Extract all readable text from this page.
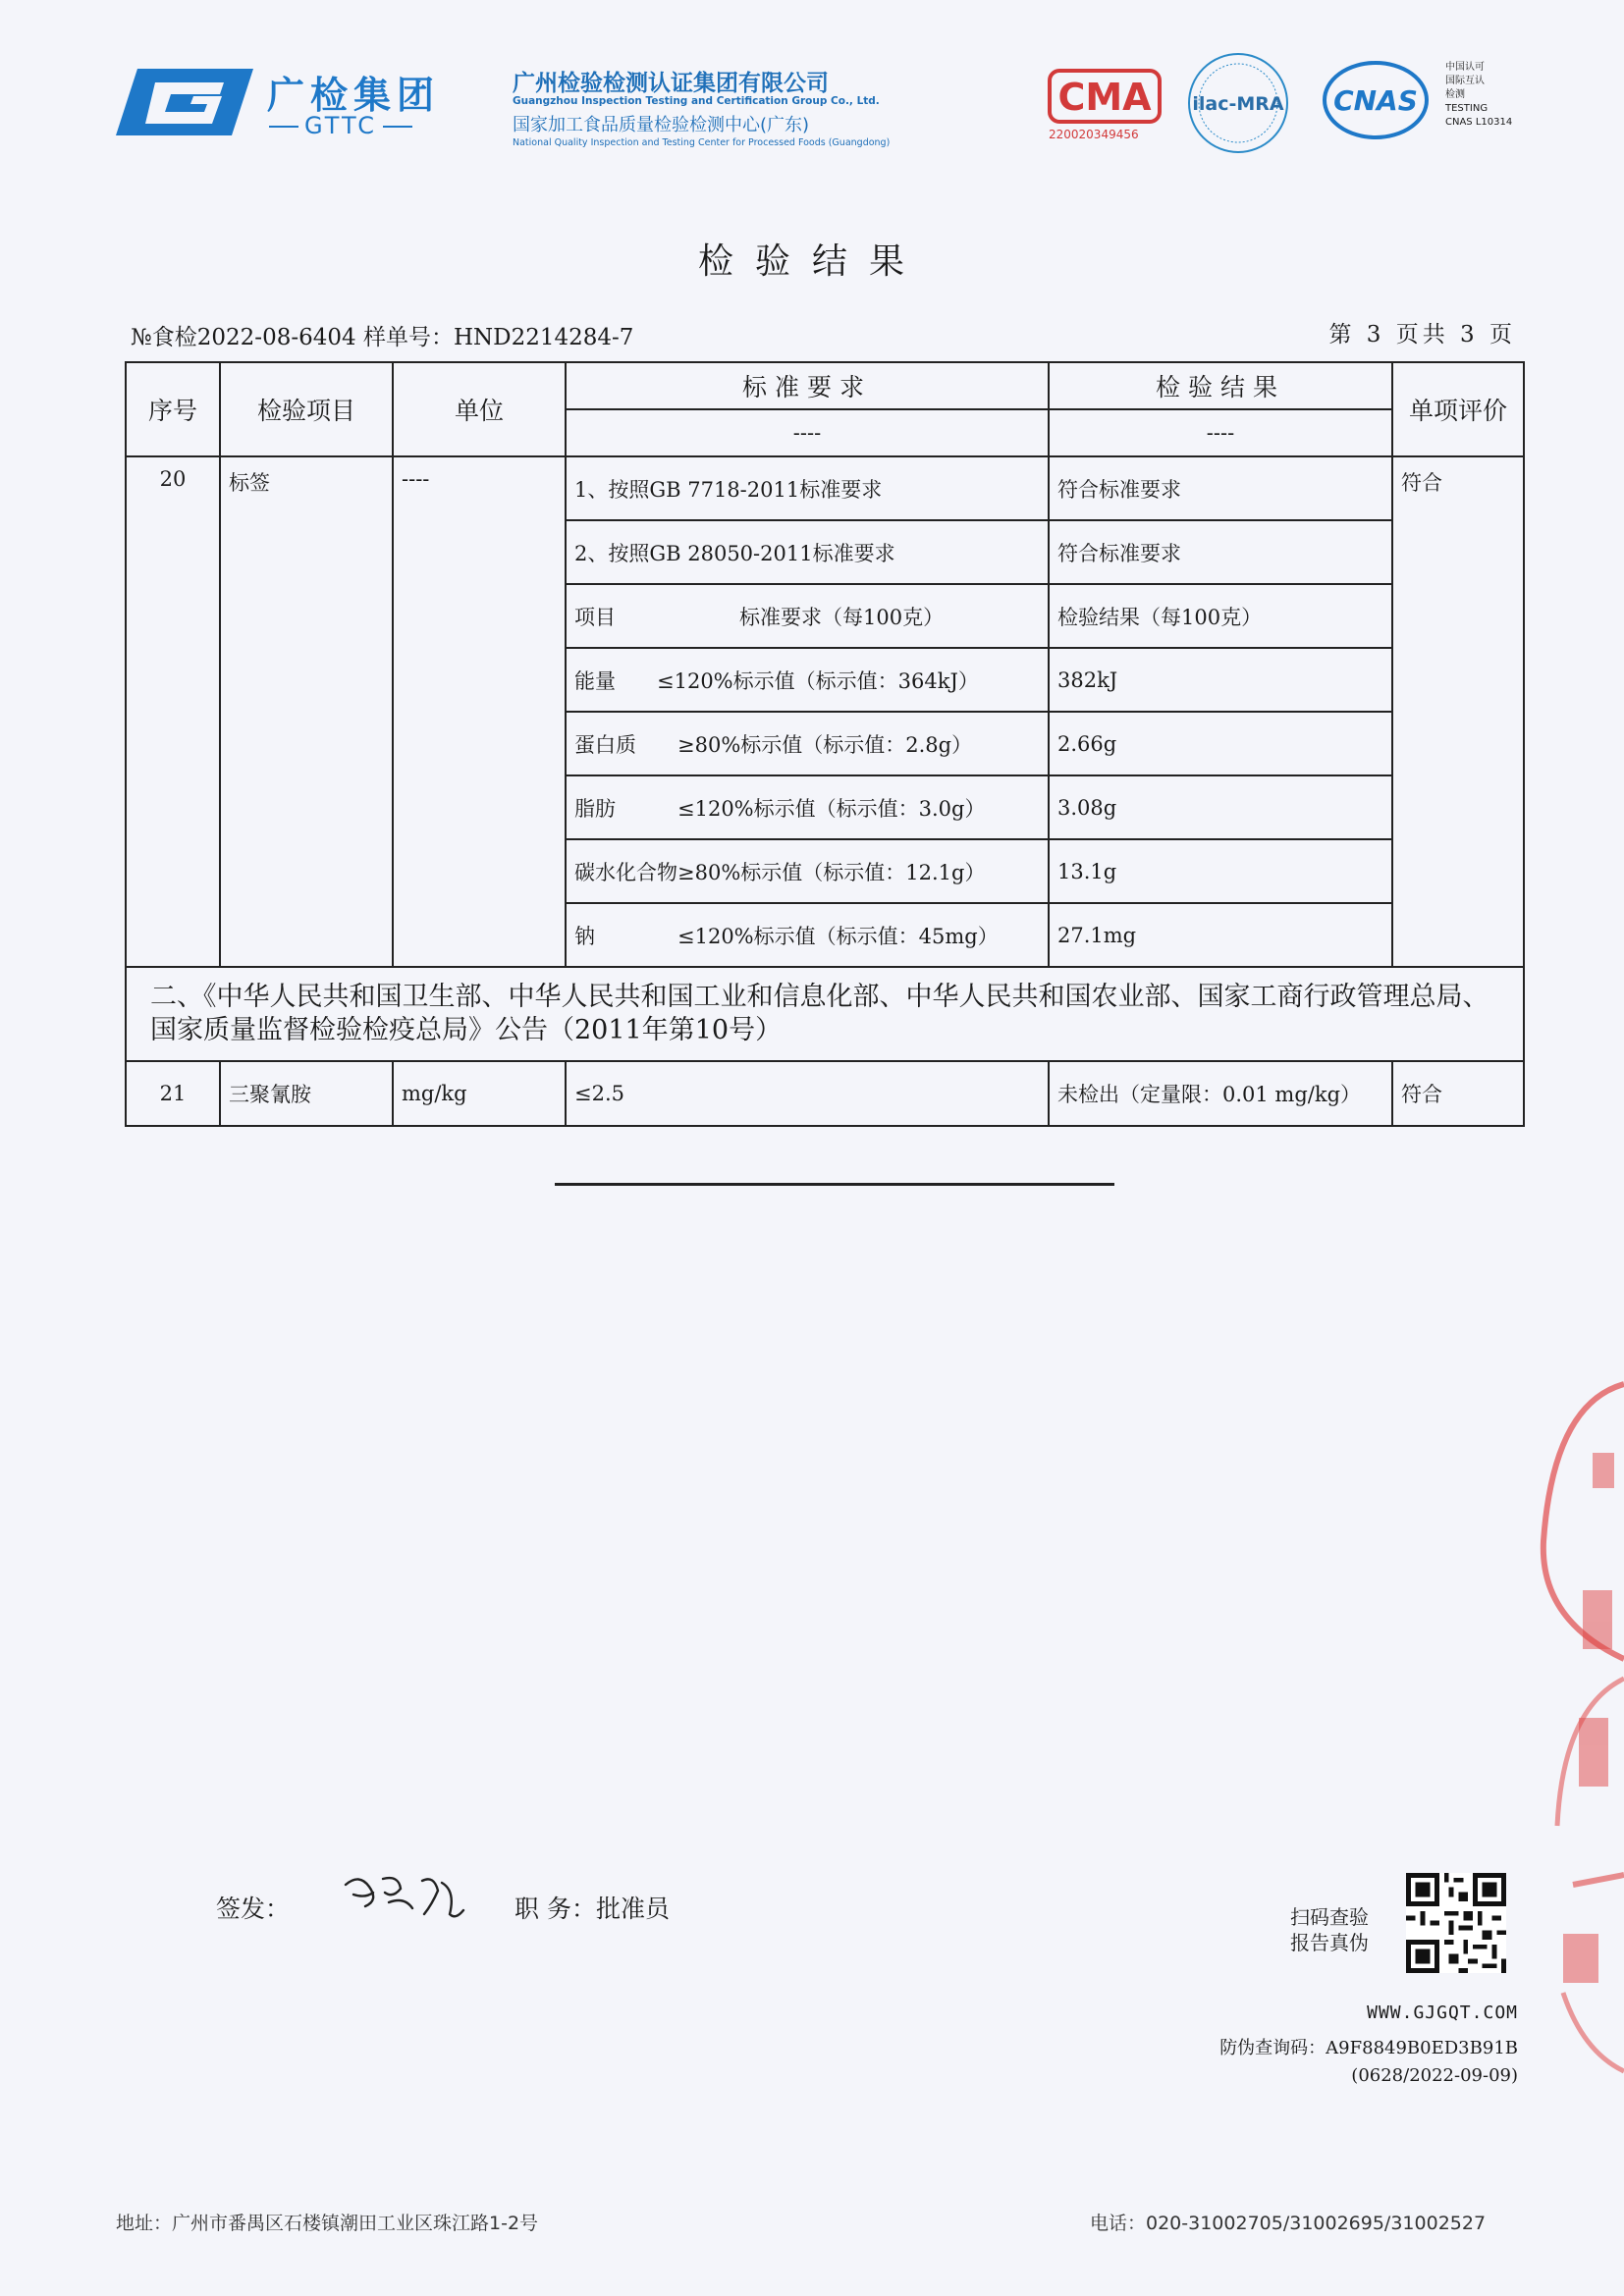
广检集团
GTTC
广州检验检测认证集团有限公司
Guangzhou Inspection Testing and Certification Group Co., Ltd.
国家加工食品质量检验检测中心(广东)
National Quality Inspection and Testing Center for Processed Foods (Guangdong)
CMA
220020349456
ilac-MRA CNAS
中国认可
国际互认
检测
TESTING
CNAS L10314
检验结果
№食检2022-08-6404 样单号：HND2214284-7	第 3 页共 3 页
序号	检验项目	单位	标准要求	检验结果	单项评价
			----	----	
20	标签	----	1、按照GB 7718-2011标准要求	符合标准要求	符合
			2、按照GB 28050-2011标准要求	符合标准要求	
			项目　　　　　　标准要求（每100克）	检验结果（每100克）	
			能量　　≤120%标示值（标示值：364kJ）	382kJ	
			蛋白质　　≥80%标示值（标示值：2.8g）	2.66g	
			脂肪　　　≤120%标示值（标示值：3.0g）	3.08g	
			碳水化合物≥80%标示值（标示值：12.1g）	13.1g	
			钠　　　　≤120%标示值（标示值：45mg）	27.1mg	
二、《中华人民共和国卫生部、中华人民共和国工业和信息化部、中华人民共和国农业部、国家工商行政管理总局、国家质量监督检验检疫总局》公告（2011年第10号）					
21	三聚氰胺	mg/kg	≤2.5	未检出（定量限：0.01 mg/kg）	符合
签发：	职 务：批准员	扫码查验
报告真伪
WWW.GJGQT.COM
防伪查询码：A9F8849B0ED3B91B
(0628/2022-09-09)
地址：广州市番禺区石楼镇潮田工业区珠江路1-2号	电话：020-31002705/31002695/31002527
